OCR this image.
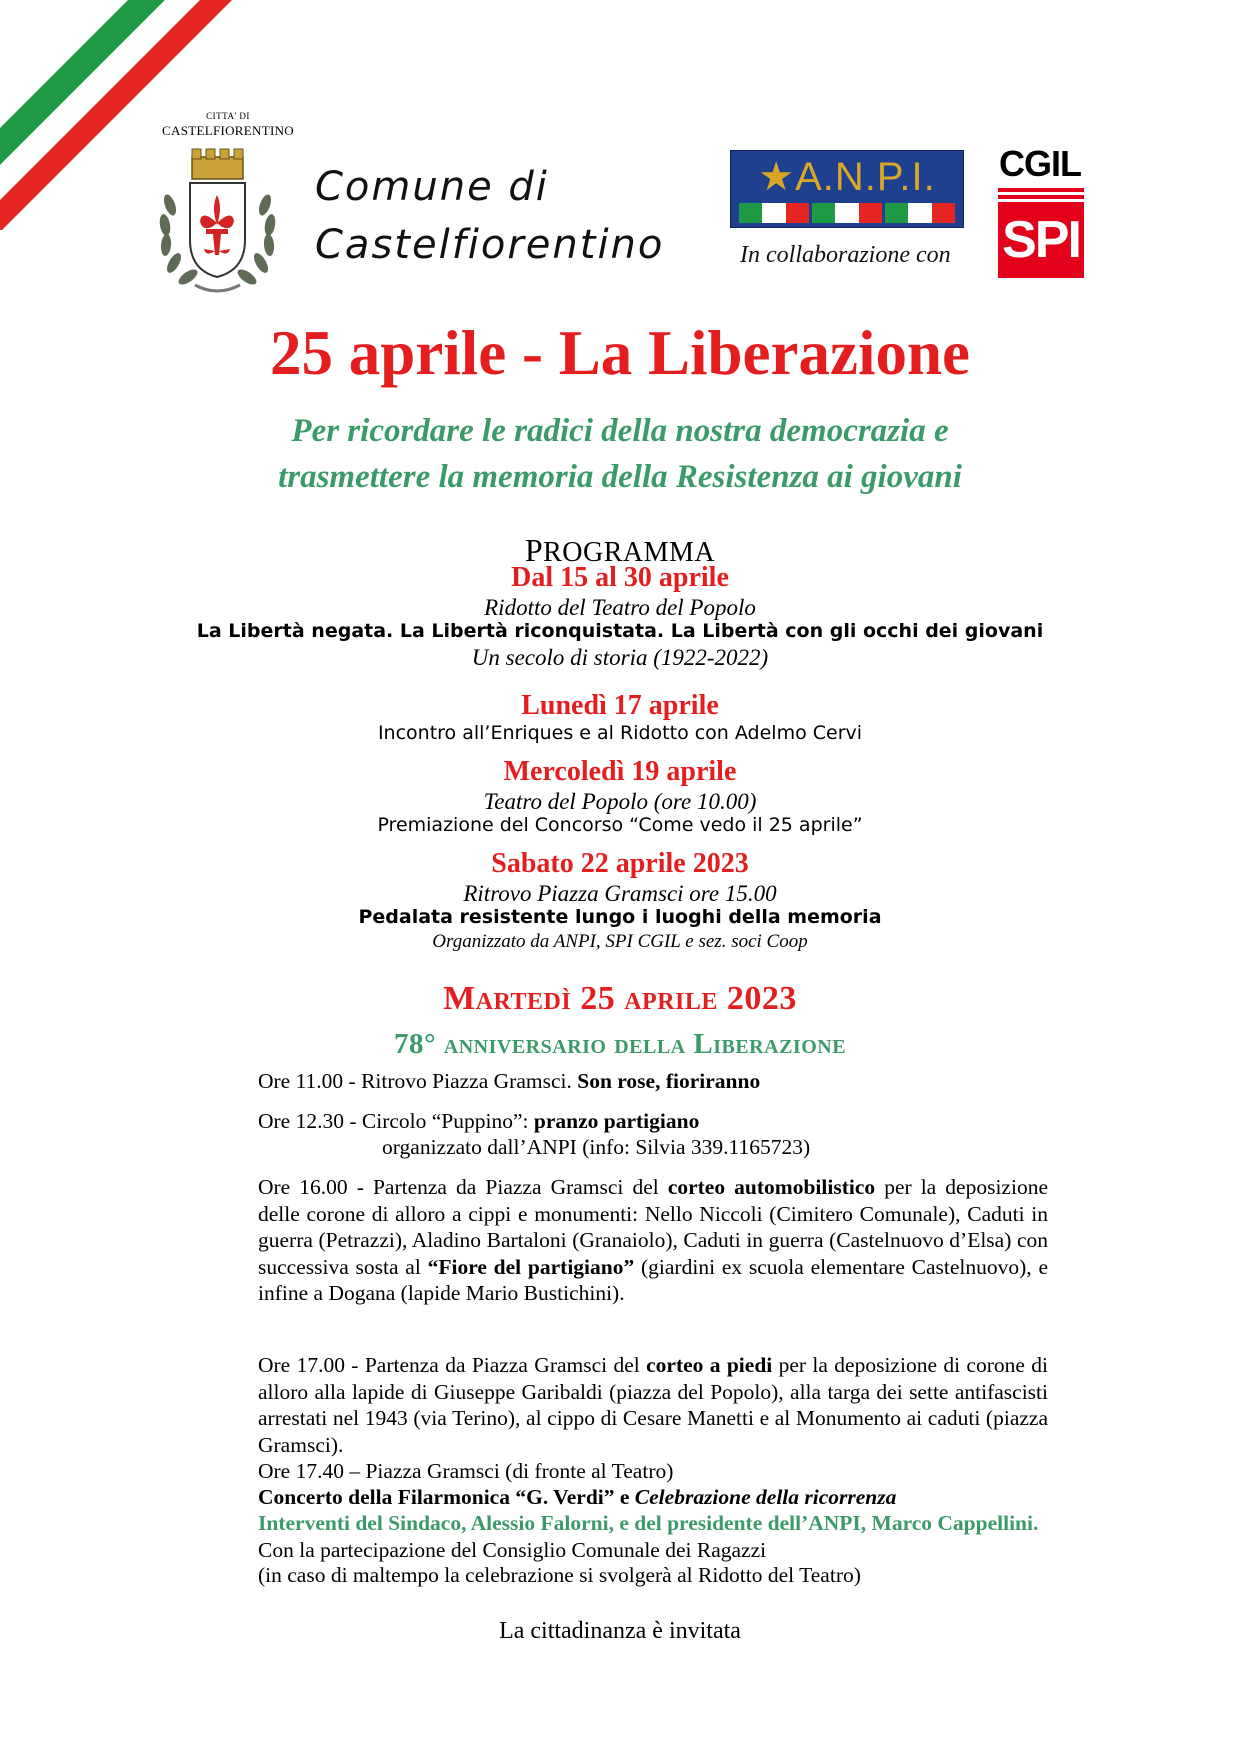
CITTA' DI
CASTELFIORENTINO
Comune di
Castelfiorentino
★A.N.P.I.
In collaborazione con
CGIL
SPI
25 aprile - La Liberazione
Per ricordare le radici della nostra democrazia e
trasmettere la memoria della Resistenza ai giovani
PROGRAMMA
Dal 15 al 30 aprile
Ridotto del Teatro del Popolo
La Libertà negata. La Libertà riconquistata. La Libertà con gli occhi dei giovani
Un secolo di storia (1922-2022)
Lunedì 17 aprile
Incontro all’Enriques e al Ridotto con Adelmo Cervi
Mercoledì 19 aprile
Teatro del Popolo (ore 10.00)
Premiazione del Concorso “Come vedo il 25 aprile”
Sabato 22 aprile 2023
Ritrovo Piazza Gramsci ore 15.00
Pedalata resistente lungo i luoghi della memoria
Organizzato da ANPI, SPI CGIL e sez. soci Coop
Martedì 25 aprile 2023
78° anniversario della Liberazione
Ore 11.00 - Ritrovo Piazza Gramsci. Son rose, fioriranno
Ore 12.30 - Circolo “Puppino”: pranzo partigiano
organizzato dall’ANPI (info: Silvia 339.1165723)
Ore 16.00 - Partenza da Piazza Gramsci del corteo automobilistico per la deposizione delle corone di alloro a cippi e monumenti: Nello Niccoli (Cimitero Comunale), Caduti in guerra (Petrazzi), Aladino Bartaloni (Granaiolo), Caduti in guerra (Castelnuovo d’Elsa) con successiva sosta al “Fiore del partigiano” (giardini ex scuola elementare Castelnuovo), e infine a Dogana (lapide Mario Bustichini).
Ore 17.00 - Partenza da Piazza Gramsci del corteo a piedi per la deposizione di corone di alloro alla lapide di Giuseppe Garibaldi (piazza del Popolo), alla targa dei sette antifascisti arrestati nel 1943 (via Terino), al cippo di Cesare Manetti e al Monumento ai caduti (piazza Gramsci).
Ore 17.40 – Piazza Gramsci (di fronte al Teatro)
Concerto della Filarmonica “G. Verdi” e Celebrazione della ricorrenza
Interventi del Sindaco, Alessio Falorni, e del presidente dell’ANPI, Marco Cappellini. Con la partecipazione del Consiglio Comunale dei Ragazzi
(in caso di maltempo la celebrazione si svolgerà al Ridotto del Teatro)
La cittadinanza è invitata
